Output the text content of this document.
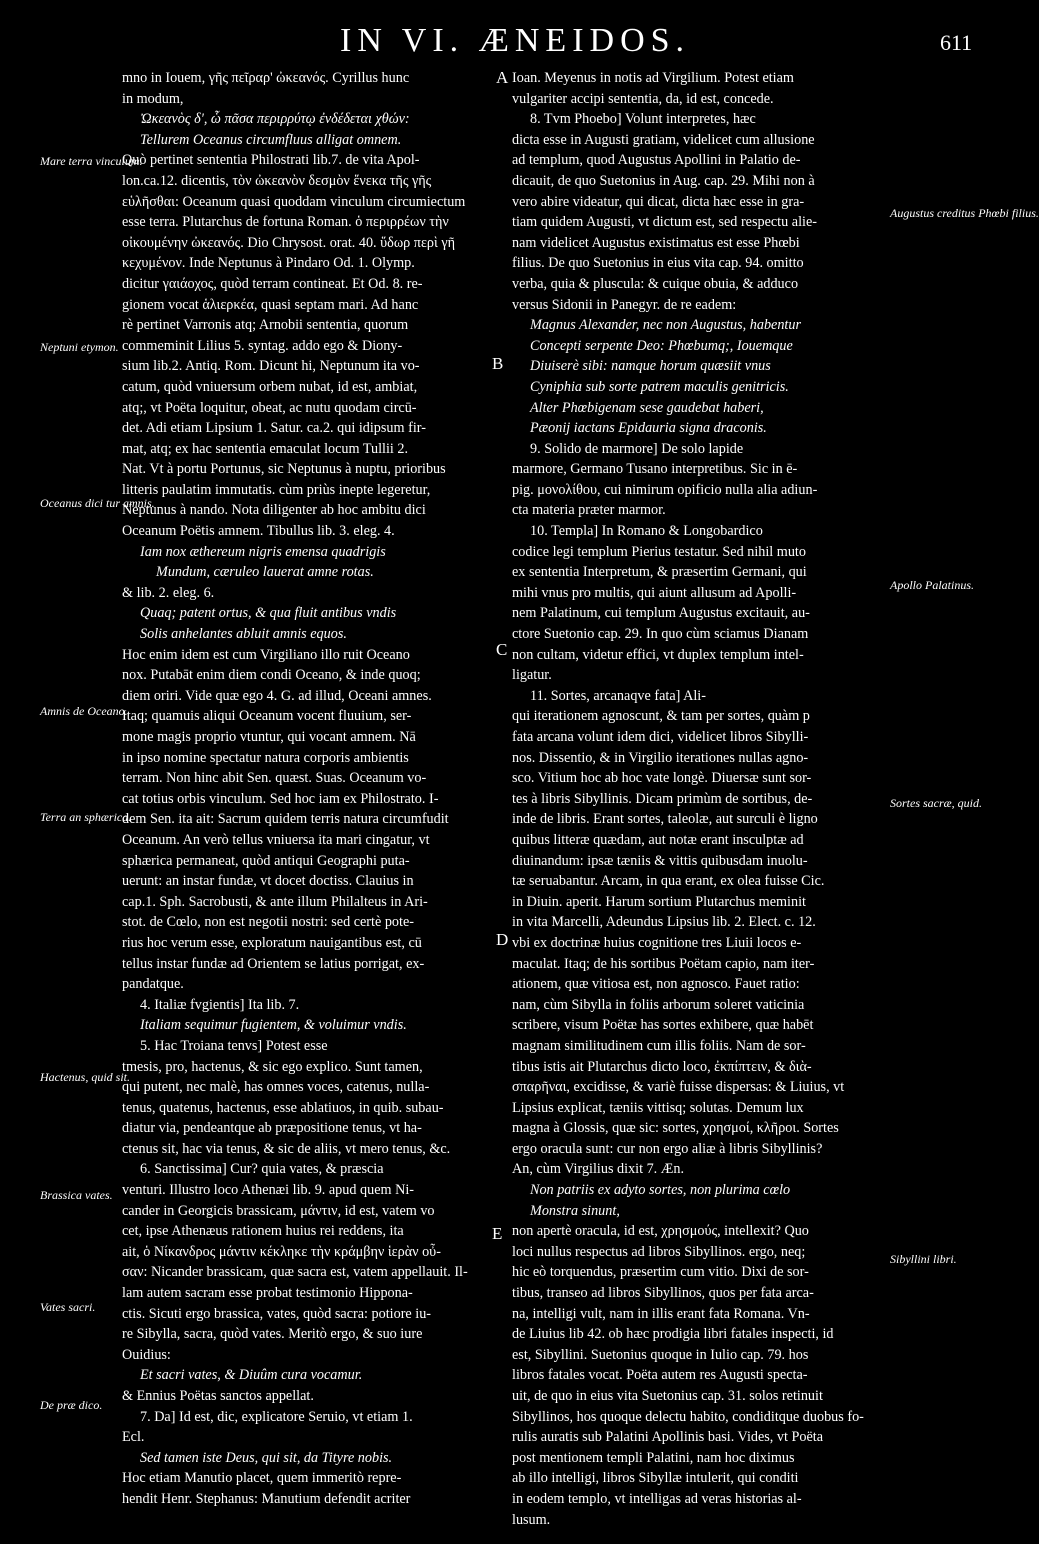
IN VI. ÆNEIDOS.	611
mno in Iouem, γῆς πεῖραρ' ὠκεανός. Cyrillus hunc
in modum,
Ὠκεανὸς δ', ὧ πᾶσα περιρρύτῳ ἐνδέδεται χθών:
Tellurem Oceanus circumfluus alligat omnem.
Quò pertinet sententia Philostrati lib.7. de vita Apol-
lon.ca.12. dicentis, τὸν ὠκεανὸν δεσμὸν ἕνεκα τῆς γῆς
εὑλῆσθαι: Oceanum quasi quoddam vinculum circumiectum
esse terra. Plutarchus de fortuna Roman. ὁ περιρρέων τὴν
οἰκουμένην ὠκεανός. Dio Chrysost. orat. 40. ὕδωρ περὶ γῆ
κεχυμένον. Inde Neptunus à Pindaro Od. 1. Olymp.
dicitur γαιάοχος, quòd terram contineat. Et Od. 8. re-
gionem vocat ἁλιερκέα, quasi septam mari. Ad hanc
rè pertinet Varronis atq; Arnobii sententia, quorum
commeminit Lilius 5. syntag. addo ego & Diony-
sium lib.2. Antiq. Rom. Dicunt hi, Neptunum ita vo-
catum, quòd vniuersum orbem nubat, id est, ambiat,
atq;, vt Poëta loquitur, obeat, ac nutu quodam circū-
det. Adi etiam Lipsium 1. Satur. ca.2. qui idipsum fir-
mat, atq; ex hac sententia emaculat locum Tullii 2.
Nat. Vt à portu Portunus, sic Neptunus à nuptu, prioribus
litteris paulatim immutatis. cùm priùs inepte legeretur,
Neptunus à nando. Nota diligenter ab hoc ambitu dici
Oceanum Poëtis amnem. Tibullus lib. 3. eleg. 4.
Iam nox æthereum nigris emensa quadrigis
Mundum, cæruleo lauerat amne rotas.
& lib. 2. eleg. 6.
Quaq; patent ortus, & qua fluit antibus vndis
Solis anhelantes abluit amnis equos.
Hoc enim idem est cum Virgiliano illo ruit Oceano
nox. Putabāt enim diem condi Oceano, & inde quoq;
diem oriri. Vide quæ ego 4. G. ad illud, Oceani amnes.
Itaq; quamuis aliqui Oceanum vocent fluuium, ser-
mone magis proprio vtuntur, qui vocant amnem. Nā
in ipso nomine spectatur natura corporis ambientis
terram. Non hinc abit Sen. quæst. Suas. Oceanum vo-
cat totius orbis vinculum. Sed hoc iam ex Philostrato. I-
dem Sen. ita ait: Sacrum quidem terris natura circumfudit
Oceanum. An verò tellus vniuersa ita mari cingatur, vt
sphærica permaneat, quòd antiqui Geographi puta-
uerunt: an instar fundæ, vt docet doctiss. Clauius in
cap.1. Sph. Sacrobusti, & ante illum Philalteus in Ari-
stot. de Cœlo, non est negotii nostri: sed certè pote-
rius hoc verum esse, exploratum nauigantibus est, cū
tellus instar fundæ ad Orientem se latius porrigat, ex-
pandatque.
4. Italiæ fvgientis] Ita lib. 7.
Italiam sequimur fugientem, & voluimur vndis.
5. Hac Troiana tenvs] Potest esse
tmesis, pro, hactenus, & sic ego explico. Sunt tamen,
qui putent, nec malè, has omnes voces, catenus, nulla-
tenus, quatenus, hactenus, esse ablatiuos, in quib. subau-
diatur via, pendeantque ab præpositione tenus, vt ha-
ctenus sit, hac via tenus, & sic de aliis, vt mero tenus, &c.
6. Sanctissima] Cur? quia vates, & præscia
venturi. Illustro loco Athenæi lib. 9. apud quem Ni-
cander in Georgicis brassicam, μάντιν, id est, vatem vo
cet, ipse Athenæus rationem huius rei reddens, ita
ait, ὁ Νίκανδρος μάντιν κέκληκε τὴν κράμβην ἱερὰν οὖ-
σαν: Nicander brassicam, quæ sacra est, vatem appellauit. Il-
lam autem sacram esse probat testimonio Hippona-
ctis. Sicuti ergo brassica, vates, quòd sacra: potiore iu-
re Sibylla, sacra, quòd vates. Meritò ergo, & suo iure
Ouidius:
Et sacri vates, & Diuûm cura vocamur.
& Ennius Poëtas sanctos appellat.
7. Da] Id est, dic, explicatore Seruio, vt etiam 1.
Ecl.
Sed tamen iste Deus, qui sit, da Tityre nobis.
Hoc etiam Manutio placet, quem immeritò repre-
hendit Henr. Stephanus: Manutium defendit acriter
Ioan. Meyenus in notis ad Virgilium. Potest etiam
vulgariter accipi sententia, da, id est, concede.
8. Tvm Phoebo] Volunt interpretes, hæc
dicta esse in Augusti gratiam, videlicet cum allusione
ad templum, quod Augustus Apollini in Palatio de-
dicauit, de quo Suetonius in Aug. cap. 29. Mihi non à
vero abire videatur, qui dicat, dicta hæc esse in gra-
tiam quidem Augusti, vt dictum est, sed respectu alie-
nam videlicet Augustus existimatus est esse Phœbi
filius. De quo Suetonius in eius vita cap. 94. omitto
verba, quia & pluscula: & cuique obuia, & adduco
versus Sidonii in Panegyr. de re eadem:
Magnus Alexander, nec non Augustus, habentur
Concepti serpente Deo: Phœbumq;, Iouemque
Diuiserè sibi: namque horum quæsiit vnus
Cyniphia sub sorte patrem maculis genitricis.
Alter Phœbigenam sese gaudebat haberi,
Pæonij iactans Epidauria signa draconis.
9. Solido de marmore] De solo lapide
marmore, Germano Tusano interpretibus. Sic in ē-
pig. μονολίθου, cui nimirum opificio nulla alia adiun-
cta materia præter marmor.
10. Templa] In Romano & Longobardico
codice legi templum Pierius testatur. Sed nihil muto
ex sententia Interpretum, & præsertim Germani, qui
mihi vnus pro multis, qui aiunt allusum ad Apolli-
nem Palatinum, cui templum Augustus excitauit, au-
ctore Suetonio cap. 29. In quo cùm sciamus Dianam
non cultam, videtur effici, vt duplex templum intel-
ligatur.
11. Sortes, arcanaqve fata] Ali-
qui iterationem agnoscunt, & tam per sortes, quàm p
fata arcana volunt idem dici, videlicet libros Sibylli-
nos. Dissentio, & in Virgilio iterationes nullas agno-
sco. Vitium hoc ab hoc vate longè. Diuersæ sunt sor-
tes à libris Sibyllinis. Dicam primùm de sortibus, de-
inde de libris. Erant sortes, taleolæ, aut surculi è ligno
quibus litteræ quædam, aut notæ erant insculptæ ad
diuinandum: ipsæ tæniis & vittis quibusdam inuolu-
tæ seruabantur. Arcam, in qua erant, ex olea fuisse Cic.
in Diuin. aperit. Harum sortium Plutarchus meminit
in vita Marcelli, Adeundus Lipsius lib. 2. Elect. c. 12.
vbi ex doctrinæ huius cognitione tres Liuii locos e-
maculat. Itaq; de his sortibus Poëtam capio, nam iter-
ationem, quæ vitiosa est, non agnosco. Fauet ratio:
nam, cùm Sibylla in foliis arborum soleret vaticinia
scribere, visum Poëtæ has sortes exhibere, quæ habēt
magnam similitudinem cum illis foliis. Nam de sor-
tibus istis ait Plutarchus dicto loco, ἐκπίπτειν, & διὰ-
σπαρῆναι, excidisse, & variè fuisse dispersas: & Liuius, vt
Lipsius explicat, tæniis vittisq; solutas. Demum lux
magna à Glossis, quæ sic: sortes, χρησμοί, κλῆροι. Sortes
ergo oracula sunt: cur non ergo aliæ à libris Sibyllinis?
An, cùm Virgilius dixit 7. Æn.
Non patriis ex adyto sortes, non plurima cœlo
Monstra sinunt,
non apertè oracula, id est, χρησμούς, intellexit? Quo
loci nullus respectus ad libros Sibyllinos. ergo, neq;
hic eò torquendus, præsertim cum vitio. Dixi de sor-
tibus, transeo ad libros Sibyllinos, quos per fata arca-
na, intelligi vult, nam in illis erant fata Romana. Vn-
de Liuius lib 42. ob hæc prodigia libri fatales inspecti, id
est, Sibyllini. Suetonius quoque in Iulio cap. 79. hos
libros fatales vocat. Poëta autem res Augusti specta-
uit, de quo in eius vita Suetonius cap. 31. solos retinuit
Sibyllinos, hos quoque delectu habito, condiditque duobus fo-
rulis auratis sub Palatini Apollinis basi. Vides, vt Poëta
post mentionem templi Palatini, nam hoc diximus
ab illo intelligi, libros Sibyllæ intulerit, qui conditi
in eodem templo, vt intelligas ad veras historias al-
lusum.
A
B
C
D
E
Mare terra vinculum.
Neptuni etymon.
Oceanus dici tur amnis.
Amnis de Oceano.
Terra an sphærica.
Hactenus, quid sit.
Brassica vates.
Vates sacri.
De præ dico.
Augustus creditus Phœbi filius.
Apollo Palatinus.
Sortes sacræ, quid.
Sibyllini libri.
